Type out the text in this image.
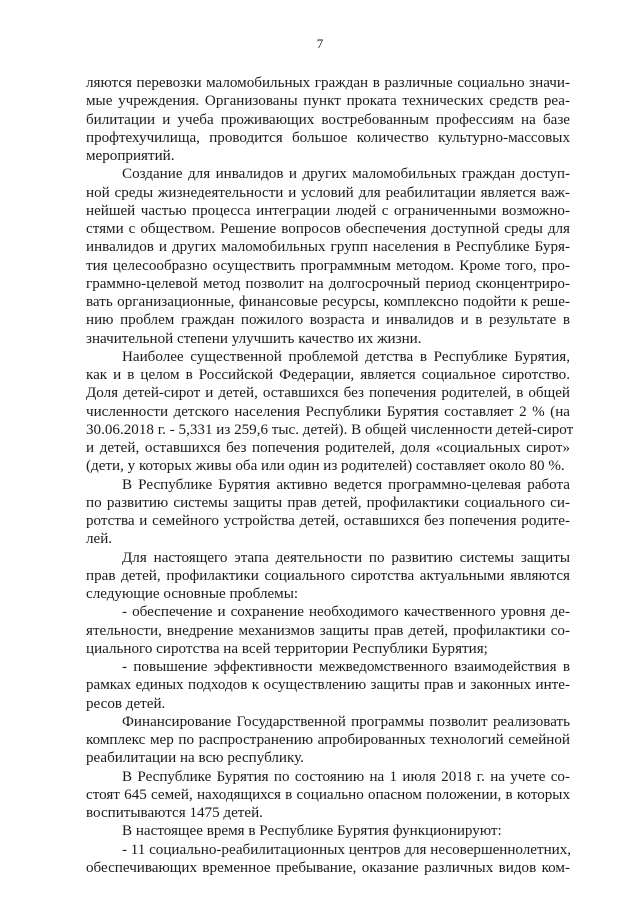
7
ляются перевозки маломобильных граждан в различные социально значи-
мые учреждения. Организованы пункт проката технических средств реа-
билитации и учеба проживающих востребованным профессиям на базе
профтехучилища, проводится большое количество культурно-массовых
мероприятий.
Создание для инвалидов и других маломобильных граждан доступ-
ной среды жизнедеятельности и условий для реабилитации является важ-
нейшей частью процесса интеграции людей с ограниченными возможно-
стями с обществом. Решение вопросов обеспечения доступной среды для
инвалидов и других маломобильных групп населения в Республике Буря-
тия целесообразно осуществить программным методом. Кроме того, про-
граммно-целевой метод позволит на долгосрочный период сконцентриро-
вать организационные, финансовые ресурсы, комплексно подойти к реше-
нию проблем граждан пожилого возраста и инвалидов и в результате в
значительной степени улучшить качество их жизни.
Наиболее существенной проблемой детства в Республике Бурятия,
как и в целом в Российской Федерации, является социальное сиротство.
Доля детей-сирот и детей, оставшихся без попечения родителей, в общей
численности детского населения Республики Бурятия составляет 2 % (на
30.06.2018 г. - 5,331 из 259,6 тыс. детей). В общей численности детей-сирот
и детей, оставшихся без попечения родителей, доля «социальных сирот»
(дети, у которых живы оба или один из родителей) составляет около 80 %.
В Республике Бурятия активно ведется программно-целевая работа
по развитию системы защиты прав детей, профилактики социального си-
ротства и семейного устройства детей, оставшихся без попечения родите-
лей.
Для настоящего этапа деятельности по развитию системы защиты
прав детей, профилактики социального сиротства актуальными являются
следующие основные проблемы:
- обеспечение и сохранение необходимого качественного уровня де-
ятельности, внедрение механизмов защиты прав детей, профилактики со-
циального сиротства на всей территории Республики Бурятия;
- повышение эффективности межведомственного взаимодействия в
рамках единых подходов к осуществлению защиты прав и законных инте-
ресов детей.
Финансирование Государственной программы позволит реализовать
комплекс мер по распространению апробированных технологий семейной
реабилитации на всю республику.
В Республике Бурятия по состоянию на 1 июля 2018 г. на учете со-
стоят 645 семей, находящихся в социально опасном положении, в которых
воспитываются 1475 детей.
В настоящее время в Республике Бурятия функционируют:
- 11 социально-реабилитационных центров для несовершеннолетних,
обеспечивающих временное пребывание, оказание различных видов ком-
